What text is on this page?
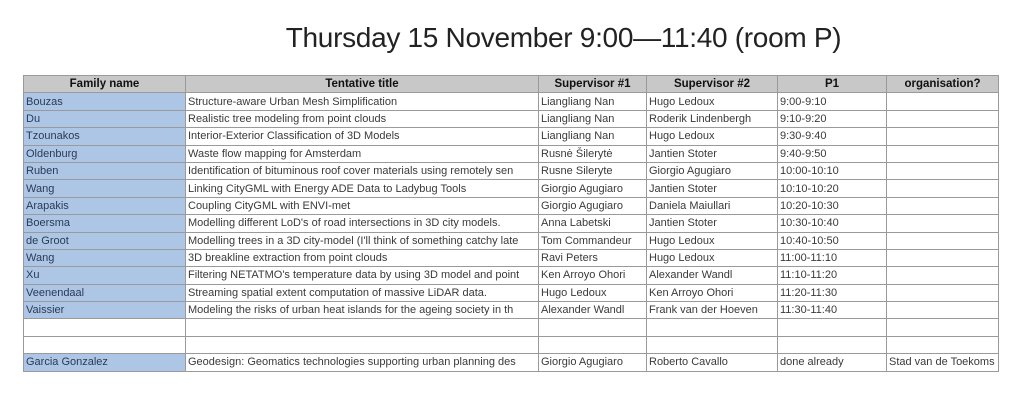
Thursday 15 November 9:00—11:40 (room P)
Family name	Tentative title	Supervisor #1	Supervisor #2	P1	organisation?
Bouzas	Structure-aware Urban Mesh Simplification	Liangliang Nan	Hugo Ledoux	9:00-9:10	
Du	Realistic tree modeling from point clouds	Liangliang Nan	Roderik Lindenbergh	9:10-9:20	
Tzounakos	Interior-Exterior Classification of 3D Models	Liangliang Nan	Hugo Ledoux	9:30-9:40	
Oldenburg	Waste flow mapping for Amsterdam	Rusnė Šilerytė	Jantien Stoter	9:40-9:50	
Ruben	Identification of bituminous roof cover materials using remotely sen	Rusne Sileryte	Giorgio Agugiaro	10:00-10:10	
Wang	Linking CityGML with Energy ADE Data to Ladybug Tools	Giorgio Agugiaro	Jantien Stoter	10:10-10:20	
Arapakis	Coupling CityGML with ENVI-met	Giorgio Agugiaro	Daniela Maiullari	10:20-10:30	
Boersma	Modelling different LoD's of road intersections in 3D city models.	Anna Labetski	Jantien Stoter	10:30-10:40	
de Groot	Modelling trees in a 3D city-model (I'll think of something catchy late	Tom Commandeur	Hugo Ledoux	10:40-10:50	
Wang	3D breakline extraction from point clouds	Ravi Peters	Hugo Ledoux	11:00-11:10	
Xu	Filtering NETATMO's temperature data by using 3D model and point	Ken Arroyo Ohori	Alexander Wandl	11:10-11:20	
Veenendaal	Streaming spatial extent computation of massive LiDAR data.	Hugo Ledoux	Ken Arroyo Ohori	11:20-11:30	
Vaissier	Modeling the risks of urban heat islands for the ageing society in th	Alexander Wandl	Frank van der Hoeven	11:30-11:40	

Garcia Gonzalez	Geodesign: Geomatics technologies supporting urban planning des	Giorgio Agugiaro	Roberto Cavallo	done already	Stad van de Toekoms
